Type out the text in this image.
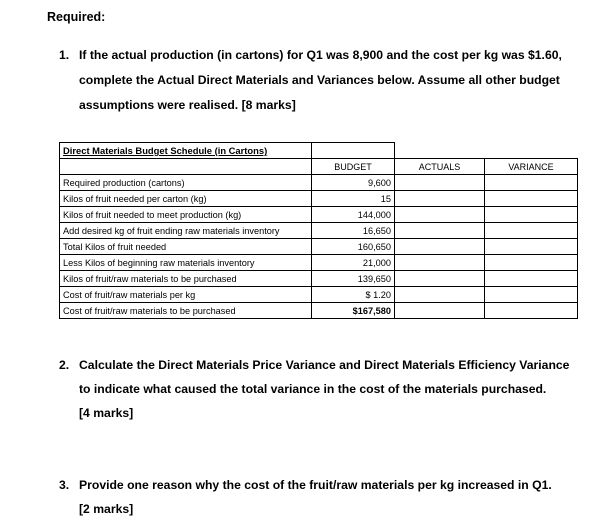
Required:
1. If the actual production (in cartons) for Q1 was 8,900 and the cost per kg was $1.60,
complete the Actual Direct Materials and Variances below. Assume all other budget
assumptions were realised. [8 marks]
Direct Materials Budget Schedule (in Cartons)			
	BUDGET	ACTUALS	VARIANCE
Required production (cartons)	9,600		
Kilos of fruit needed per carton (kg)	15		
Kilos of fruit needed to meet production (kg)	144,000		
Add desired kg of fruit ending raw materials inventory	16,650		
Total Kilos of fruit needed	160,650		
Less Kilos of beginning raw materials inventory	21,000		
Kilos of fruit/raw materials to be purchased	139,650		
Cost of fruit/raw materials per kg	$ 1.20		
Cost of fruit/raw materials to be purchased	$167,580		
2. Calculate the Direct Materials Price Variance and Direct Materials Efficiency Variance
to indicate what caused the total variance in the cost of the materials purchased.
[4 marks]
3. Provide one reason why the cost of the fruit/raw materials per kg increased in Q1.
[2 marks]
